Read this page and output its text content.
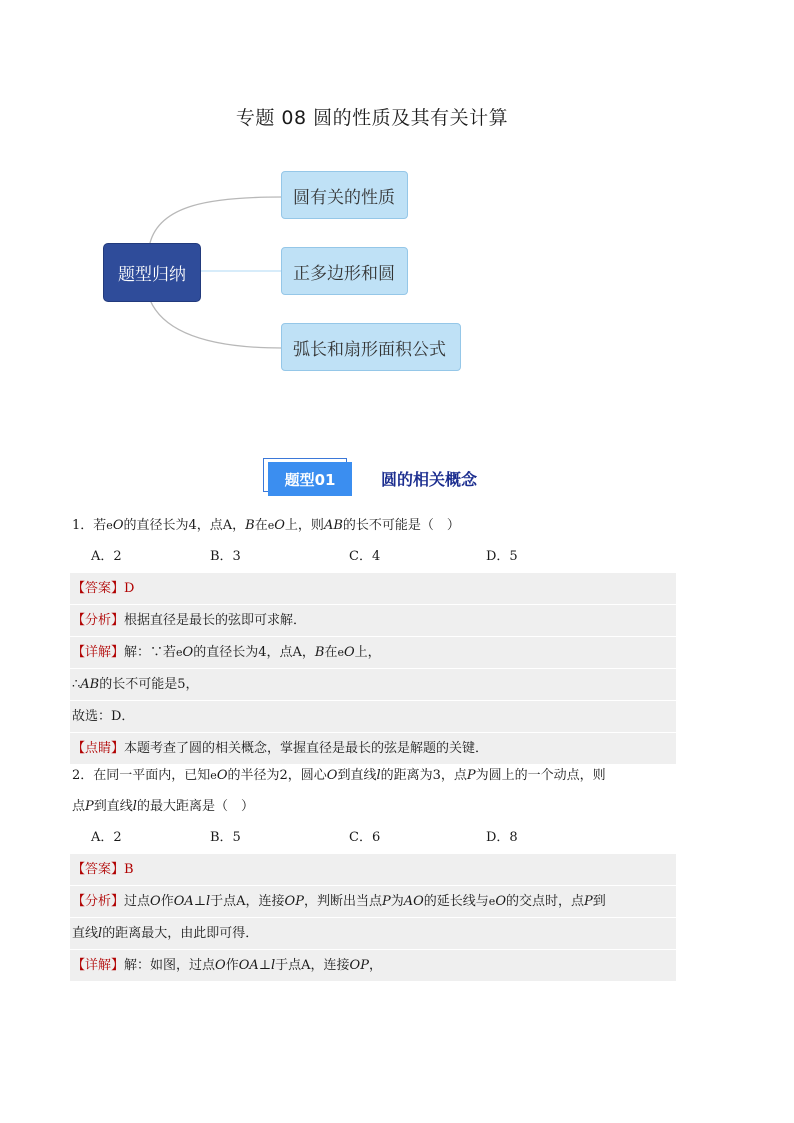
专题 08 圆的性质及其有关计算
题型归纳
圆有关的性质
正多边形和圆
弧长和扇形面积公式
题型01	圆的相关概念
1．若eO的直径长为4，点A，B在eO上，则AB的长不可能是（　）
A．2	B．3	C．4	D．5
【答案】D
【分析】根据直径是最长的弦即可求解．
【详解】解：∵若eO的直径长为4，点A，B在eO上，
∴AB的长不可能是5，
故选：D．
【点睛】本题考查了圆的相关概念，掌握直径是最长的弦是解题的关键．
2．在同一平面内，已知eO的半径为2，圆心O到直线l的距离为3，点P为圆上的一个动点，则
点P到直线l的最大距离是（　）
A．2	B．5	C．6	D．8
【答案】B
【分析】过点O作OA⊥l于点A，连接OP，判断出当点P为AO的延长线与eO的交点时，点P到
直线l的距离最大，由此即可得．
【详解】解：如图，过点O作OA⊥l于点A，连接OP，
